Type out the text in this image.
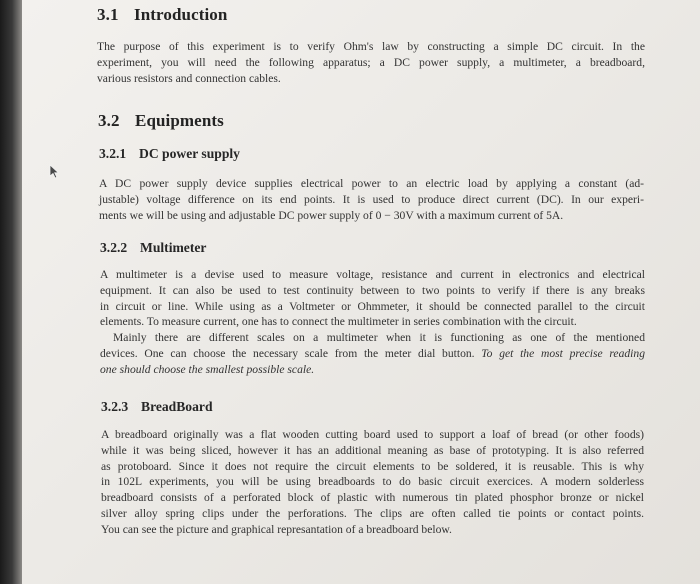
3.1 Introduction
The purpose of this experiment is to verify Ohm's law by constructing a simple DC circuit. In the
experiment, you will need the following apparatus; a DC power supply, a multimeter, a breadboard,
various resistors and connection cables.
3.2 Equipments
3.2.1 DC power supply
A DC power supply device supplies electrical power to an electric load by applying a constant (ad-
justable) voltage difference on its end points. It is used to produce direct current (DC). In our experi-
ments we will be using and adjustable DC power supply of 0 − 30V with a maximum current of 5A.
3.2.2 Multimeter
A multimeter is a devise used to measure voltage, resistance and current in electronics and electrical
equipment. It can also be used to test continuity between to two points to verify if there is any breaks
in circuit or line. While using as a Voltmeter or Ohmmeter, it should be connected parallel to the circuit
elements. To measure current, one has to connect the multimeter in series combination with the circuit.
Mainly there are different scales on a multimeter when it is functioning as one of the mentioned
devices. One can choose the necessary scale from the meter dial button. To get the most precise reading
one should choose the smallest possible scale.
3.2.3 BreadBoard
A breadboard originally was a flat wooden cutting board used to support a loaf of bread (or other foods)
while it was being sliced, however it has an additional meaning as base of prototyping. It is also referred
as protoboard. Since it does not require the circuit elements to be soldered, it is reusable. This is why
in 102L experiments, you will be using breadboards to do basic circuit exercices. A modern solderless
breadboard consists of a perforated block of plastic with numerous tin plated phosphor bronze or nickel
silver alloy spring clips under the perforations. The clips are often called tie points or contact points.
You can see the picture and graphical represantation of a breadboard below.
